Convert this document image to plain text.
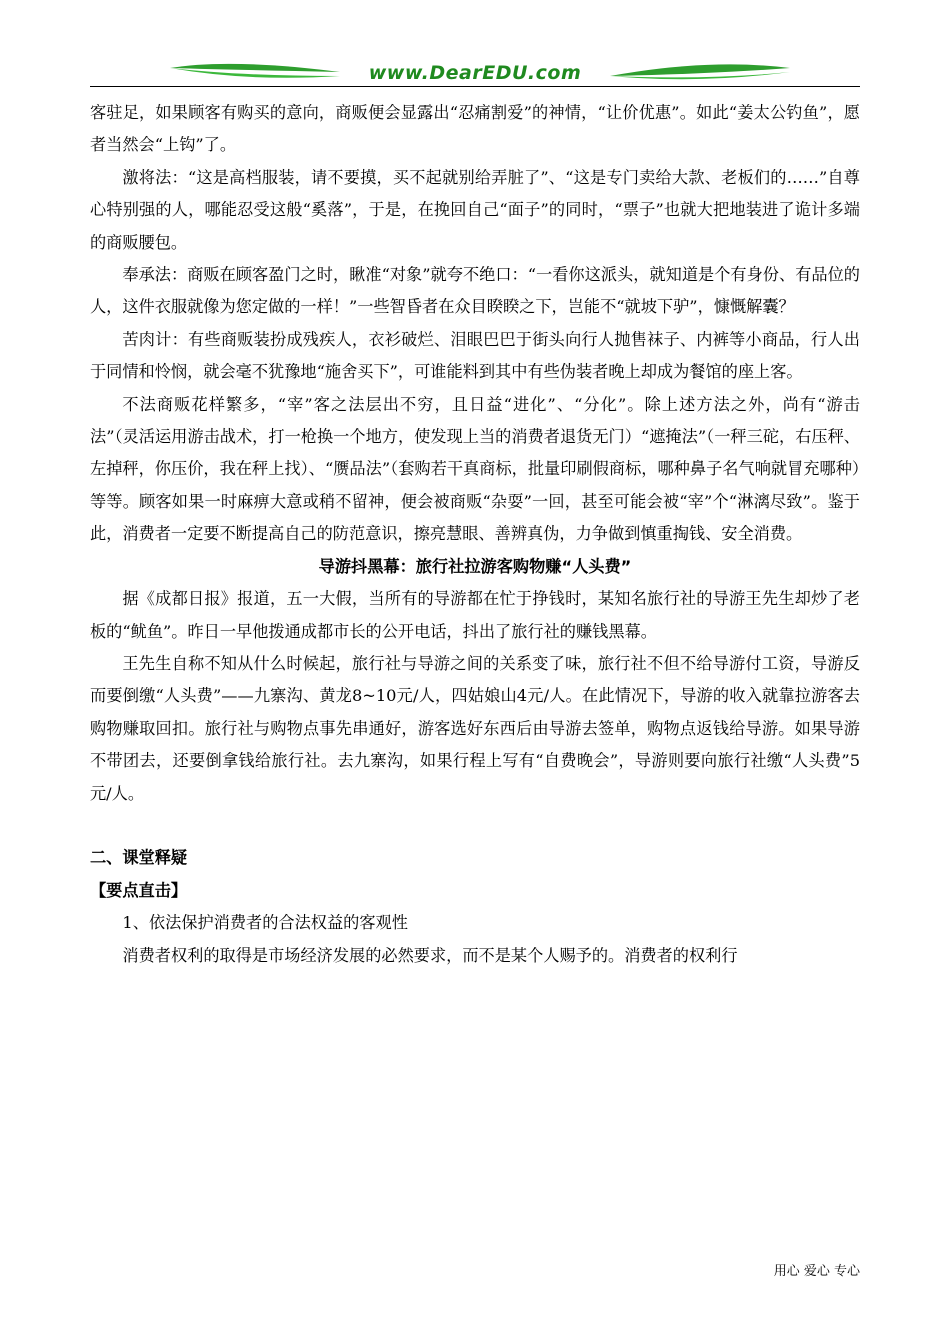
www.DearEDU.com

客驻足，如果顾客有购买的意向，商贩便会显露出“忍痛割爱”的神情，“让价优惠”。如此“姜太公钓鱼”，愿者当然会“上钩”了。

激将法：“这是高档服装，请不要摸，买不起就别给弄脏了”、“这是专门卖给大款、老板们的……”自尊心特别强的人，哪能忍受这般“奚落”，于是，在挽回自己“面子”的同时，“票子”也就大把地装进了诡计多端的商贩腰包。

奉承法：商贩在顾客盈门之时，瞅准“对象”就夸不绝口：“一看你这派头，就知道是个有身份、有品位的人，这件衣服就像为您定做的一样！”一些智昏者在众目睽睽之下，岂能不“就坡下驴”，慷慨解囊？

苦肉计：有些商贩装扮成残疾人，衣衫破烂、泪眼巴巴于街头向行人抛售袜子、内裤等小商品，行人出于同情和怜悯，就会毫不犹豫地“施舍买下”，可谁能料到其中有些伪装者晚上却成为餐馆的座上客。

不法商贩花样繁多，“宰”客之法层出不穷，且日益“进化”、“分化”。除上述方法之外，尚有“游击法”（灵活运用游击战术，打一枪换一个地方，使发现上当的消费者退货无门）“遮掩法”（一秤三砣，右压秤、左掉秤，你压价，我在秤上找）、“赝品法”（套购若干真商标，批量印刷假商标，哪种鼻子名气响就冒充哪种）等等。顾客如果一时麻痹大意或稍不留神，便会被商贩“杂耍”一回，甚至可能会被“宰”个“淋漓尽致”。鉴于此，消费者一定要不断提高自己的防范意识，擦亮慧眼、善辨真伪，力争做到慎重掏钱、安全消费。

导游抖黑幕：旅行社拉游客购物赚“人头费”

据《成都日报》报道，五一大假，当所有的导游都在忙于挣钱时，某知名旅行社的导游王先生却炒了老板的“鱿鱼”。昨日一早他拨通成都市长的公开电话，抖出了旅行社的赚钱黑幕。

王先生自称不知从什么时候起，旅行社与导游之间的关系变了味，旅行社不但不给导游付工资，导游反而要倒缴“人头费”——九寨沟、黄龙8~10元/人，四姑娘山4元/人。在此情况下，导游的收入就靠拉游客去购物赚取回扣。旅行社与购物点事先串通好，游客选好东西后由导游去签单，购物点返钱给导游。如果导游不带团去，还要倒拿钱给旅行社。去九寨沟，如果行程上写有“自费晚会”，导游则要向旅行社缴“人头费”5元/人。

二、课堂释疑

【要点直击】

1、依法保护消费者的合法权益的客观性

消费者权利的取得是市场经济发展的必然要求，而不是某个人赐予的。消费者的权利行

用心 爱心 专心
